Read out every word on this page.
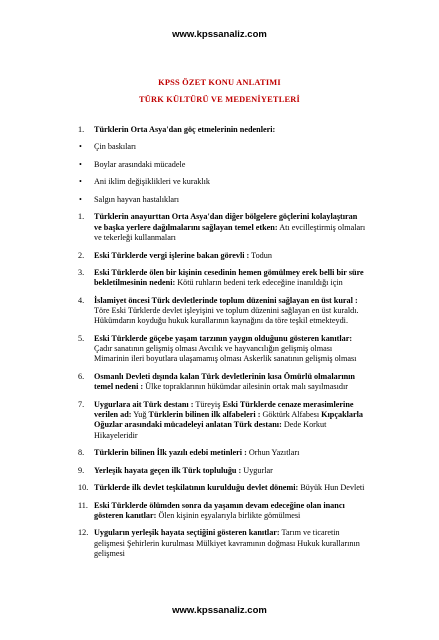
www.kpssanaliz.com
KPSS ÖZET KONU ANLATIMI
TÜRK KÜLTÜRÜ VE MEDENİYETLERİ
1. Türklerin Orta Asya'dan göç etmelerinin nedenleri:
• Çin baskıları
• Boylar arasındaki mücadele
• Ani iklim değişiklikleri ve kuraklık
• Salgın hayvan hastalıkları
1. Türklerin anayurttan Orta Asya'dan diğer bölgelere göçlerini kolaylaştıran ve başka yerlere dağılmalarını sağlayan temel etken: Atı evcilleştirmiş olmaları ve tekerleği kullanmaları
2. Eski Türklerde vergi işlerine bakan görevli : Todun
3. Eski Türklerde ölen bir kişinin cesedinin hemen gömülmey erek belli bir süre bekletilmesinin nedeni: Kötü ruhların bedeni terk edeceğine inanıldığı için
4. İslamiyet öncesi Türk devletlerinde toplum düzenini sağlayan en üst kural : Töre Eski Türklerde devlet işleyişini ve toplum düzenini sağlayan en üst kuraldı. Hükümdarın koyduğu hukuk kurallarının kaynağını da töre teşkil etmekteydi.
5. Eski Türklerde göçebe yaşam tarzının yaygın olduğunu gösteren kanıtlar: Çadır sanatının gelişmiş olması Avcılık ve hayvancılığın gelişmiş olması Mimarinin ileri boyutlara ulaşamamış olması Askerlik sanatının gelişmiş olması
6. Osmanlı Devleti dışında kalan Türk devletlerinin kısa Ömürlü olmalarının temel nedeni : Ülke topraklarının hükümdar ailesinin ortak malı sayılmasıdır
7. Uygurlara ait Türk destanı : Türeyiş Eski Türklerde cenaze merasimlerine verilen ad: Yuğ Türklerin bilinen ilk alfabeleri : Göktürk Alfabesı Kıpçaklarla Oğuzlar arasındaki mücadeleyi anlatan Türk destanı: Dede Korkut Hikayeleridir
8. Türklerin bilinen İlk yazılı edebi metinleri : Orhun Yazıtları
9. Yerleşik hayata geçen ilk Türk topluluğu : Uygurlar
10. Türklerde ilk devlet teşkilatının kurulduğu devlet dönemi: Büyük Hun Devleti
11. Eski Türklerde ölümden sonra da yaşamın devam edeceğine olan inancı gösteren kanıtlar: Ölen kişinin eşyalarıyla birlikte gömülmesi
12. Uyguların yerleşik hayata seçtiğini gösteren kanıtlar: Tarım ve ticaretin gelişmesi Şehirlerin kurulması Mülkiyet kavramının doğması Hukuk kurallarının gelişmesi
www.kpssanaliz.com
